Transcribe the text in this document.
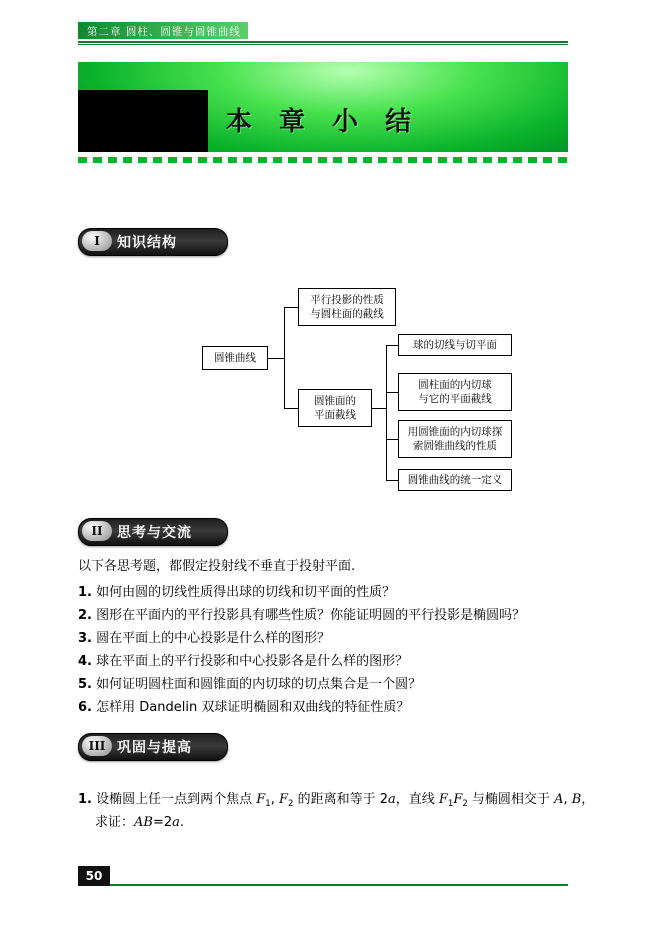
第二章 圆柱、圆锥与圆锥曲线
本 章 小 结
I	知识结构
圆锥曲线
平行投影的性质
与圆柱面的截线
圆锥面的
平面截线
球的切线与切平面
圆柱面的内切球
与它的平面截线
用圆锥面的内切球探
索圆锥曲线的性质
圆锥曲线的统一定义
II	思考与交流
以下各思考题，都假定投射线不垂直于投射平面.
1. 如何由圆的切线性质得出球的切线和切平面的性质？
2. 图形在平面内的平行投影具有哪些性质？你能证明圆的平行投影是椭圆吗？
3. 圆在平面上的中心投影是什么样的图形？
4. 球在平面上的平行投影和中心投影各是什么样的图形？
5. 如何证明圆柱面和圆锥面的内切球的切点集合是一个圆？
6. 怎样用 Dandelin 双球证明椭圆和双曲线的特征性质？
III 巩固与提高
1. 设椭圆上任一点到两个焦点 $F_1$, $F_2$ 的距离和等于 2a，直线 $F_1F_2$ 与椭圆相交于 A, B，
求证：AB=2a.
50
